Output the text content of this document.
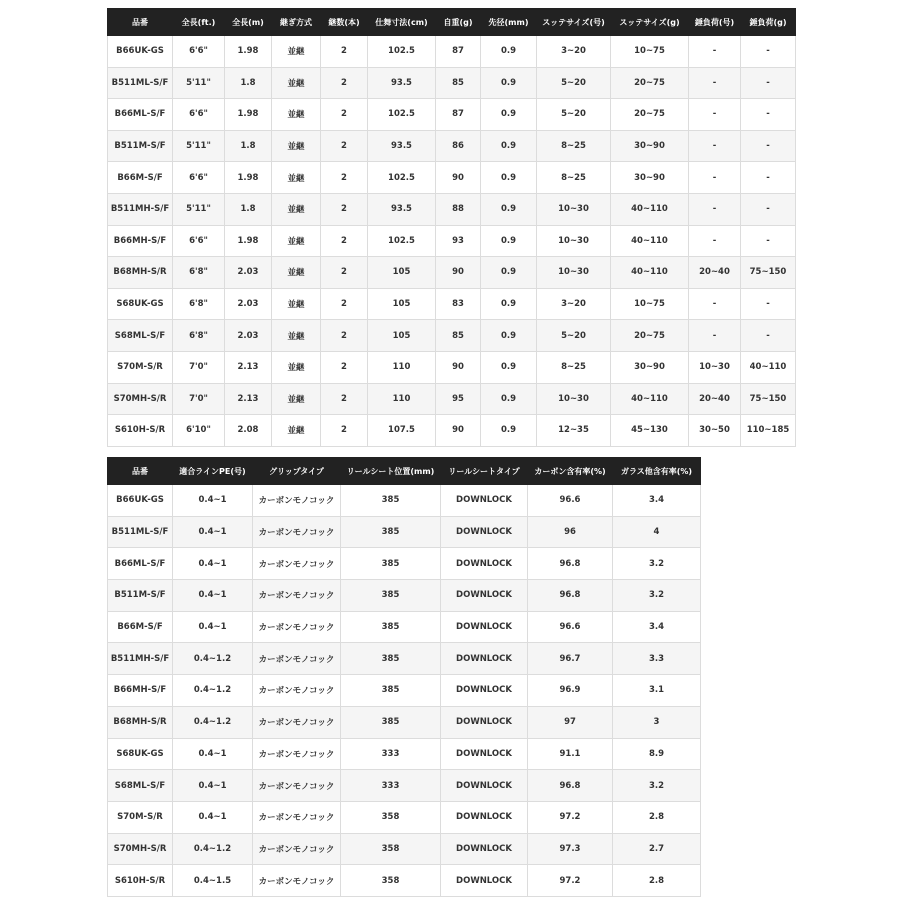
品番	全長(ft.)	全長(m)	継ぎ方式	継数(本)	仕舞寸法(cm)	自重(g)	先径(mm)	スッテサイズ(号)	スッテサイズ(g)	錘負荷(号)	錘負荷(g)
B66UK-GS	6'6"	1.98	並継	2	102.5	87	0.9	3~20	10~75	-	-
B511ML-S/F	5'11"	1.8	並継	2	93.5	85	0.9	5~20	20~75	-	-
B66ML-S/F	6'6"	1.98	並継	2	102.5	87	0.9	5~20	20~75	-	-
B511M-S/F	5'11"	1.8	並継	2	93.5	86	0.9	8~25	30~90	-	-
B66M-S/F	6'6"	1.98	並継	2	102.5	90	0.9	8~25	30~90	-	-
B511MH-S/F	5'11"	1.8	並継	2	93.5	88	0.9	10~30	40~110	-	-
B66MH-S/F	6'6"	1.98	並継	2	102.5	93	0.9	10~30	40~110	-	-
B68MH-S/R	6'8"	2.03	並継	2	105	90	0.9	10~30	40~110	20~40	75~150
S68UK-GS	6'8"	2.03	並継	2	105	83	0.9	3~20	10~75	-	-
S68ML-S/F	6'8"	2.03	並継	2	105	85	0.9	5~20	20~75	-	-
S70M-S/R	7'0"	2.13	並継	2	110	90	0.9	8~25	30~90	10~30	40~110
S70MH-S/R	7'0"	2.13	並継	2	110	95	0.9	10~30	40~110	20~40	75~150
S610H-S/R	6'10"	2.08	並継	2	107.5	90	0.9	12~35	45~130	30~50	110~185
品番	適合ラインPE(号)	グリップタイプ	リールシート位置(mm)	リールシートタイプ	カーボン含有率(%)	ガラス他含有率(%)
B66UK-GS	0.4~1	カーボンモノコック	385	DOWNLOCK	96.6	3.4
B511ML-S/F	0.4~1	カーボンモノコック	385	DOWNLOCK	96	4
B66ML-S/F	0.4~1	カーボンモノコック	385	DOWNLOCK	96.8	3.2
B511M-S/F	0.4~1	カーボンモノコック	385	DOWNLOCK	96.8	3.2
B66M-S/F	0.4~1	カーボンモノコック	385	DOWNLOCK	96.6	3.4
B511MH-S/F	0.4~1.2	カーボンモノコック	385	DOWNLOCK	96.7	3.3
B66MH-S/F	0.4~1.2	カーボンモノコック	385	DOWNLOCK	96.9	3.1
B68MH-S/R	0.4~1.2	カーボンモノコック	385	DOWNLOCK	97	3
S68UK-GS	0.4~1	カーボンモノコック	333	DOWNLOCK	91.1	8.9
S68ML-S/F	0.4~1	カーボンモノコック	333	DOWNLOCK	96.8	3.2
S70M-S/R	0.4~1	カーボンモノコック	358	DOWNLOCK	97.2	2.8
S70MH-S/R	0.4~1.2	カーボンモノコック	358	DOWNLOCK	97.3	2.7
S610H-S/R	0.4~1.5	カーボンモノコック	358	DOWNLOCK	97.2	2.8
